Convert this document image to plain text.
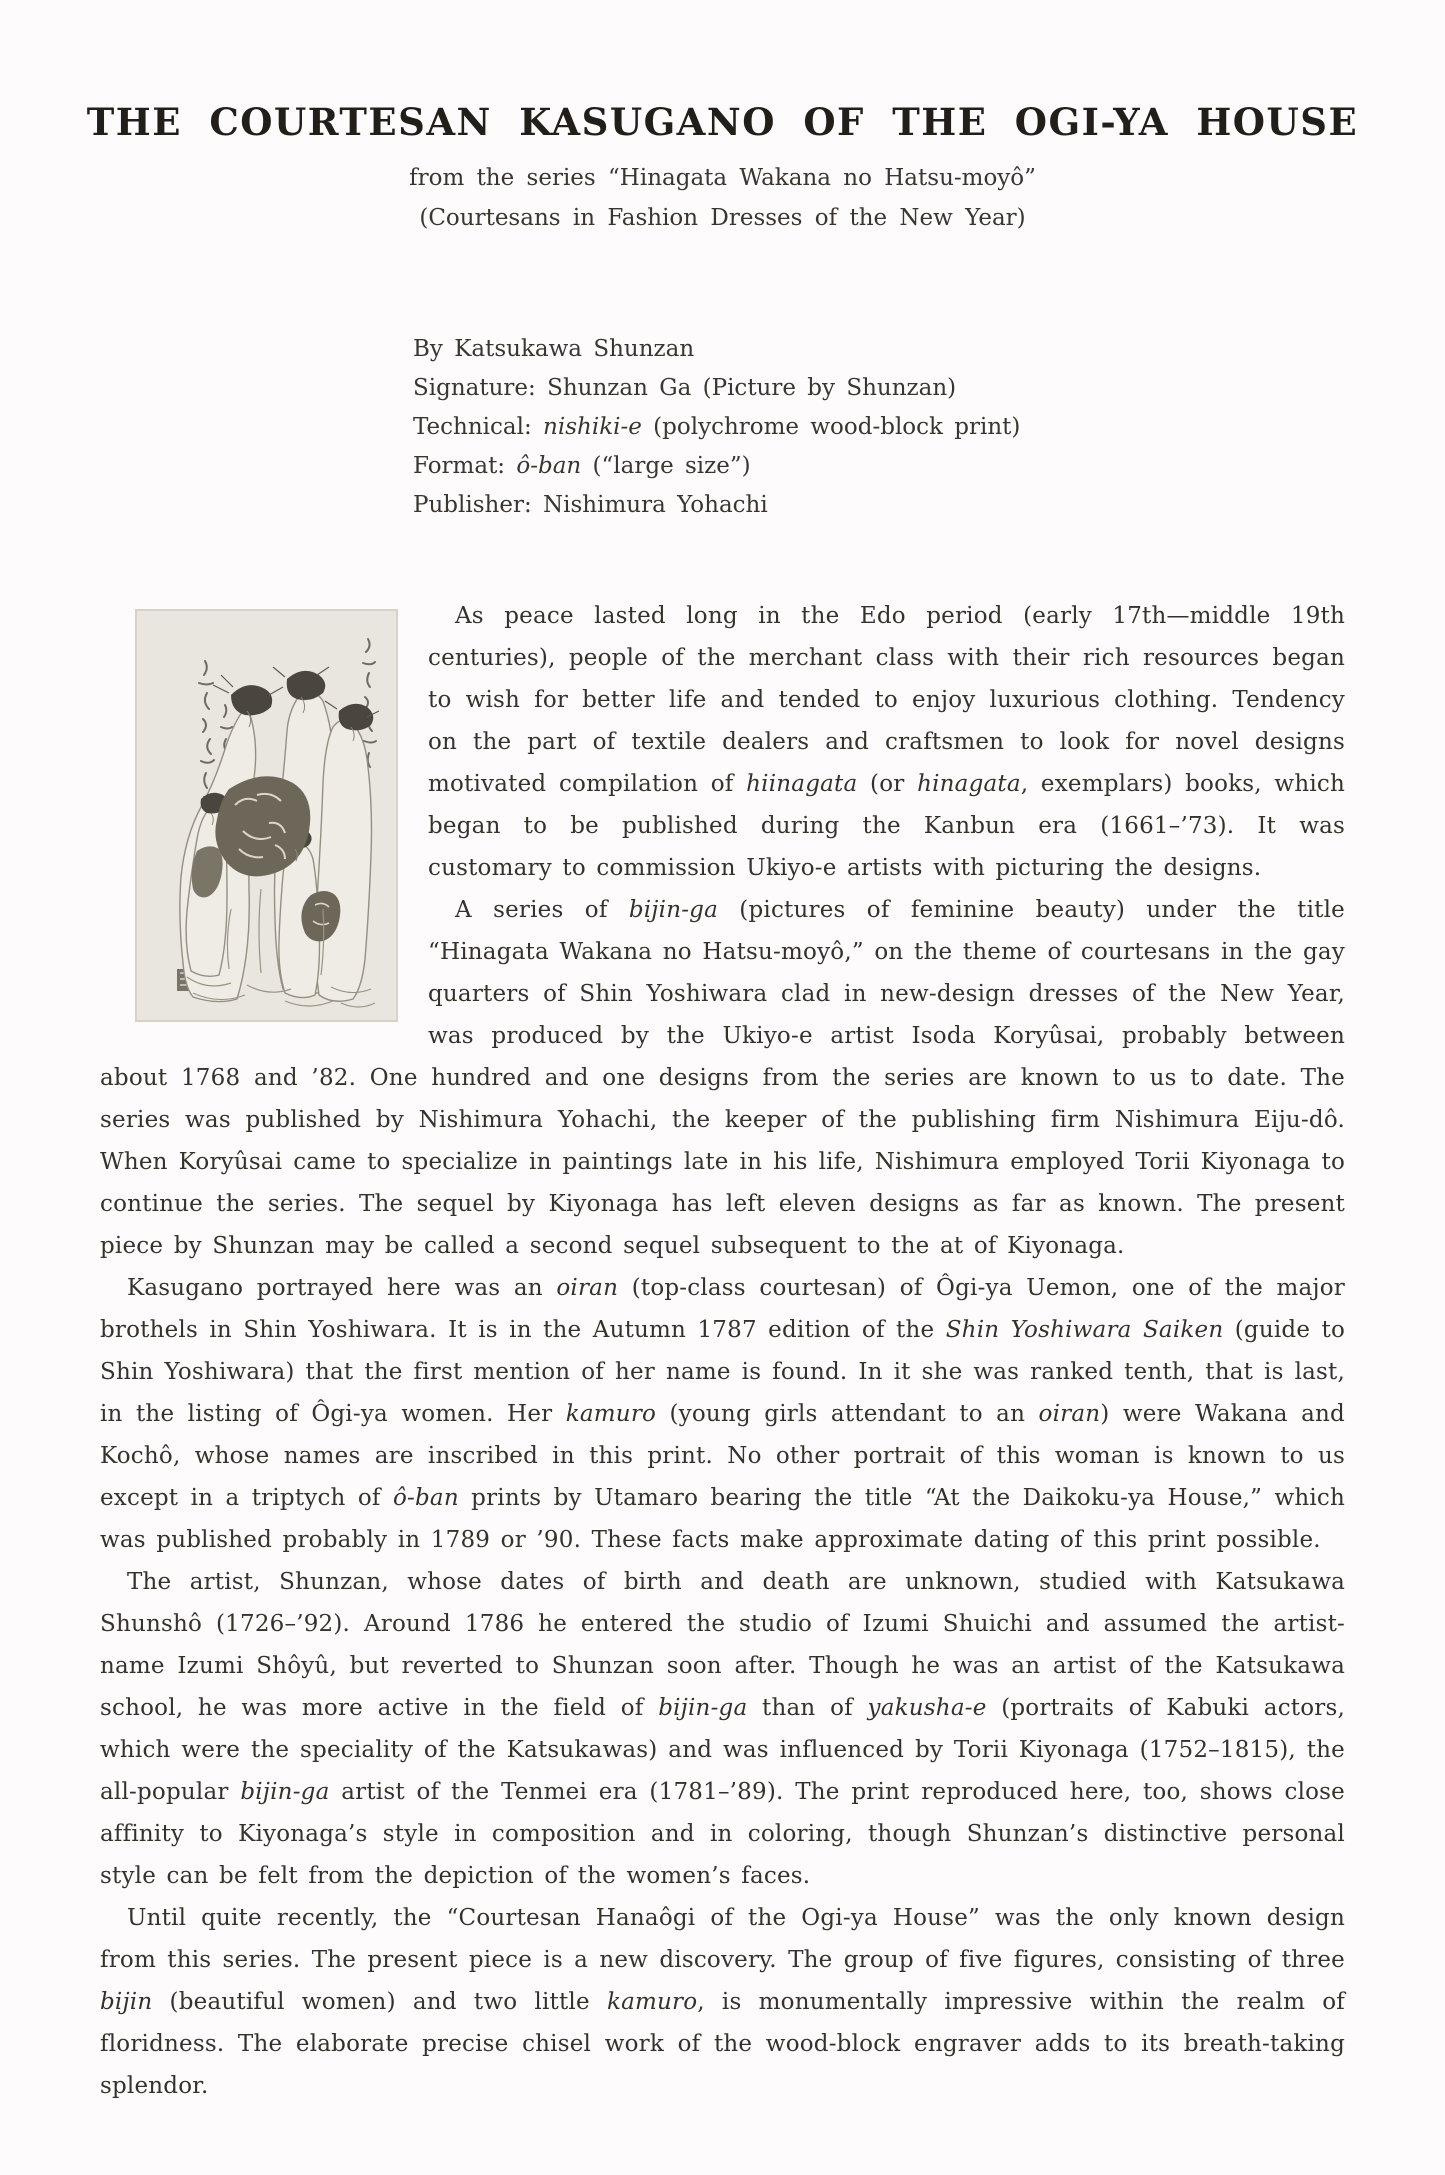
THE COURTESAN KASUGANO OF THE OGI-YA HOUSE
from the series “Hinagata Wakana no Hatsu-moyô”
(Courtesans in Fashion Dresses of the New Year)
By Katsukawa Shunzan
Signature: Shunzan Ga (Picture by Shunzan)
Technical: nishiki-e (polychrome wood-block print)
Format: ô-ban (“large size”)
Publisher: Nishimura Yohachi

As peace lasted long in the Edo period (early 17th—middle 19th centuries), people of the merchant class with their rich resources began to wish for better life and tended to enjoy luxurious clothing. Tendency on the part of textile dealers and craftsmen to look for novel designs motivated compilation of hiinagata (or hinagata, exemplars) books, which began to be published during the Kanbun era (1661–’73). It was customary to commission Ukiyo-e artists with picturing the designs.

A series of bijin-ga (pictures of feminine beauty) under the title “Hinagata Wakana no Hatsu-moyô,” on the theme of courtesans in the gay quarters of Shin Yoshiwara clad in new-design dresses of the New Year, was produced by the Ukiyo-e artist Isoda Koryûsai, probably between about 1768 and ’82. One hundred and one designs from the series are known to us to date. The series was published by Nishimura Yohachi, the keeper of the publishing firm Nishimura Eiju-dô. When Koryûsai came to specialize in paintings late in his life, Nishimura employed Torii Kiyonaga to continue the series. The sequel by Kiyonaga has left eleven designs as far as known. The present piece by Shunzan may be called a second sequel subsequent to the at of Kiyonaga.

Kasugano portrayed here was an oiran (top-class courtesan) of Ôgi-ya Uemon, one of the major brothels in Shin Yoshiwara. It is in the Autumn 1787 edition of the Shin Yoshiwara Saiken (guide to Shin Yoshiwara) that the first mention of her name is found. In it she was ranked tenth, that is last, in the listing of Ôgi-ya women. Her kamuro (young girls attendant to an oiran) were Wakana and Kochô, whose names are inscribed in this print. No other portrait of this woman is known to us except in a triptych of ô-ban prints by Utamaro bearing the title “At the Daikoku-ya House,” which was published probably in 1789 or ’90. These facts make approximate dating of this print possible.

The artist, Shunzan, whose dates of birth and death are unknown, studied with Katsukawa Shunshô (1726–’92). Around 1786 he entered the studio of Izumi Shuichi and assumed the artist-name Izumi Shôyû, but reverted to Shunzan soon after. Though he was an artist of the Katsukawa school, he was more active in the field of bijin-ga than of yakusha-e (portraits of Kabuki actors, which were the speciality of the Katsukawas) and was influenced by Torii Kiyonaga (1752–1815), the all-popular bijin-ga artist of the Tenmei era (1781–’89). The print reproduced here, too, shows close affinity to Kiyonaga’s style in composition and in coloring, though Shunzan’s distinctive personal style can be felt from the depiction of the women’s faces.

Until quite recently, the “Courtesan Hanaôgi of the Ogi-ya House” was the only known design from this series. The present piece is a new discovery. The group of five figures, consisting of three bijin (beautiful women) and two little kamuro, is monumentally impressive within the realm of floridness. The elaborate precise chisel work of the wood-block engraver adds to its breath-taking splendor.
